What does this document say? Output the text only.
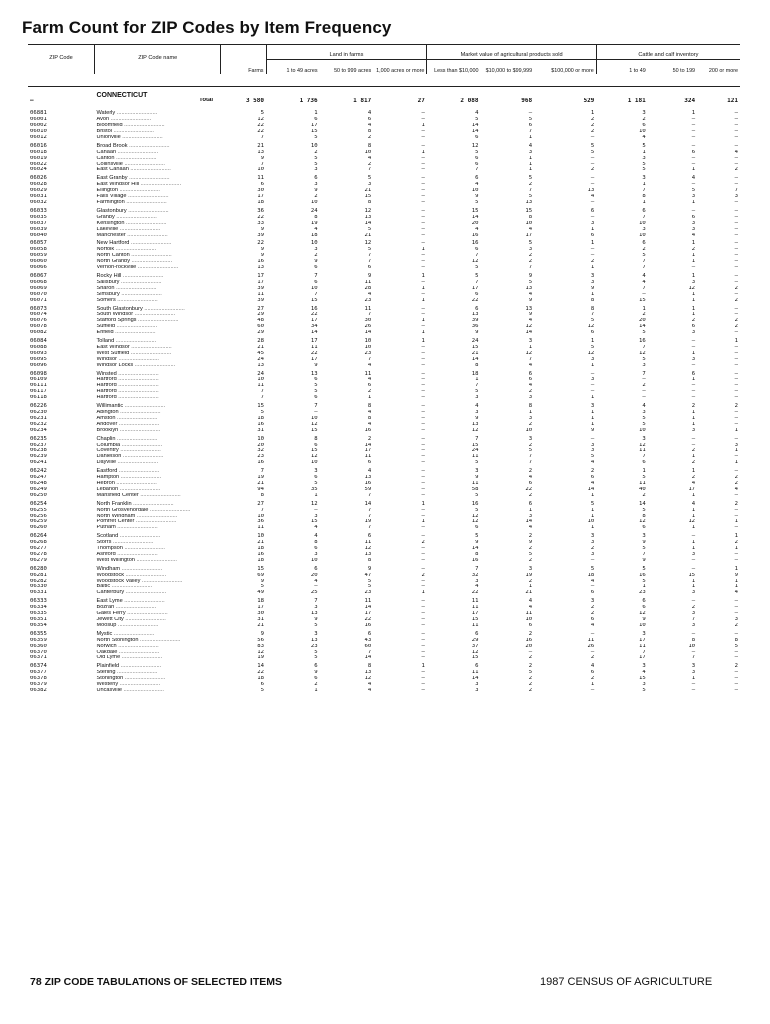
Farm Count for ZIP Codes by Item Frequency
ZIP Code	ZIP Code name		Land in farms			Market value of agricultural products sold			Cattle and calf inventory		
		Farms	1 to 49 acres	50 to 999 acres	1,000 acres or more	Less than $10,000	$10,000 to $99,999	$100,000 or more	1 to 49	50 to 199	200 or more

	CONNECTICUT										
—	Total	3 580	1 736	1 817	27	2 088	968	529	1 181	324	121
06881	Waterly ..........................	5	1	4	–	4	–	1	3	1	–
06001	Avon ..........................	12	6	6	–	5	5	2	2	–	–
06002	Bloomfield ..........................	22	17	4	1	14	6	2	6	–	–
06010	Bristol ..........................	22	15	8	–	14	7	2	10	–	–
06012	Unionville ..........................	7	5	2	–	6	1	–	4	–	–
06016	Broad Brook ..........................	21	10	8	–	12	4	5	5	–	–
06018	Canaan ..........................	13	2	10	1	5	3	5	1	6	4
06019	Canton ..........................	9	5	4	–	6	1	–	3	–	–
06022	Collinsville ..........................	7	5	2	–	6	1	–	5	–	–
06024	East Canaan ..........................	10	3	7	–	7	1	2	5	1	2
06026	East Granby ..........................	11	6	5	–	6	5	–	3	4	–
06028	East Windsor Hill ..........................	6	3	3	–	4	2	–	1	–	–
06029	Ellington ..........................	30	9	21	–	10	7	13	7	5	7
06031	Falls Village ..........................	17	2	15	–	9	5	4	8	3	3
06032	Farmington ..........................	18	10	8	–	5	13	–	1	1	–
06033	Glastonbury ..........................	36	24	12	–	15	15	6	6	–	–
06035	Granby ..........................	22	8	13	–	14	8	–	7	6	–
06037	Kensington ..........................	33	19	14	–	20	10	3	10	3	–
06039	Lakeville ..........................	9	4	5	–	4	4	1	3	3	–
06040	Manchester ..........................	39	18	21	–	16	17	6	10	4	–
06057	New Hartford ..........................	22	10	12	–	16	5	1	6	1	–
06058	Norfolk ..........................	9	3	5	1	6	3	–	2	2	–
06059	North Canton ..........................	9	2	7	–	7	2	–	5	1	–
06060	North Granby ..........................	16	9	7	–	12	2	2	7	1	–
06066	Vernon-rockville ..........................	13	6	6	–	5	7	1	7	–	–
06067	Rocky Hill ..........................	17	7	9	1	5	9	3	4	1	–
06068	Salisbury ..........................	17	6	11	–	7	5	3	4	3	–
06069	Sharon ..........................	39	10	28	1	17	13	9	7	12	2
06070	Simsbury ..........................	11	7	4	–	6	4	1	–	1	–
06071	Somers ..........................	39	15	23	1	22	9	8	15	1	2
06073	South Glastonbury ..........................	27	16	11	–	6	13	8	1	1	–
06074	South Windsor ..........................	29	22	7	–	13	9	7	2	1	–
06076	Stafford Springs ..........................	48	17	30	1	39	4	5	20	2	2
06078	Suffield ..........................	60	34	26	–	36	12	12	14	6	2
06082	Enfield ..........................	29	14	14	1	9	14	6	5	3	–
06084	Tolland ..........................	28	17	10	1	24	3	1	16	–	1
06088	East Windsor ..........................	21	11	10	–	15	1	5	7	–	–
06093	West Suffield ..........................	45	22	23	–	21	12	12	12	1	–
06095	Windsor ..........................	24	17	7	–	14	7	3	5	3	–
06096	Windsor Locks ..........................	13	9	4	–	8	4	1	3	–	–
06098	Winsted ..........................	24	13	11	–	18	6	–	7	6	–
06109	Hartford ..........................	10	6	4	–	1	6	3	–	1	–
06111	Hartford ..........................	11	5	6	–	7	4	–	2	–	–
06117	Hartford ..........................	7	5	2	–	5	2	–	–	–	–
06118	Hartford ..........................	7	6	1	–	3	3	1	–	–	–
06226	Willimantic ..........................	15	7	8	–	4	8	3	4	2	2
06230	Abington ..........................	5	–	4	–	3	1	1	3	1	–
06231	Amston ..........................	18	10	8	–	9	3	1	5	1	–
06232	Andover ..........................	16	12	4	–	13	2	1	5	1	–
06234	Brooklyn ..........................	31	15	16	–	12	10	9	10	3	1
06235	Chaplin ..........................	10	8	2	–	7	3	–	3	–	–
06237	Columbia ..........................	20	6	14	–	15	2	3	12	–	3
06238	Coventry ..........................	32	15	17	–	24	5	3	11	2	1
06239	Danielson ..........................	23	12	11	–	11	7	5	7	1	–
06241	Dayville ..........................	16	10	6	–	5	7	4	6	2	1
06242	Eastford ..........................	7	3	4	–	3	2	2	1	1	–
06247	Hampton ..........................	19	6	13	–	9	4	6	5	2	2
06248	Hebron ..........................	21	5	16	–	11	6	4	11	4	2
06249	Lebanon ..........................	94	35	59	–	58	22	14	40	17	4
06250	Mansfield Center ..........................	8	1	7	–	5	2	1	2	1	–
06254	North Franklin ..........................	27	12	14	1	16	6	5	14	4	2
06255	North Grosvenordale ..........................	7	–	7	–	5	1	1	5	1	–
06256	North Windham ..........................	10	3	7	–	12	3	1	8	1	–
06259	Pomfret Center ..........................	36	15	19	1	12	14	10	12	12	1
06260	Putnam ..........................	11	4	7	–	6	4	1	6	1	–
06264	Scotland ..........................	10	4	6	–	5	2	3	3	–	1
06268	Storrs ..........................	21	8	11	2	9	9	3	9	1	2
06277	Thompson ..........................	18	6	12	–	14	2	2	5	1	1
06278	Ashford ..........................	16	3	13	–	8	5	3	7	3	–
06279	West Willington ..........................	18	10	8	–	16	2	–	9	–	–
06280	Windham ..........................	15	6	9	–	7	3	5	5	–	1
06281	Woodstock ..........................	69	20	47	2	32	19	18	16	15	9
06282	Woodstock Valley ..........................	9	4	5	–	3	2	4	5	1	1
06330	Baltic ..........................	5	–	5	–	4	1	–	1	1	1
06331	Canterbury ..........................	49	25	23	1	22	21	6	23	3	4
06333	East Lyme ..........................	18	7	11	–	11	4	3	6	–	–
06334	Bozrah ..........................	17	3	14	–	11	4	2	6	2	–
06335	Gales Ferry ..........................	30	13	17	–	17	11	2	12	3	–
06351	Jewett City ..........................	31	9	22	–	15	10	6	9	7	3
06354	Moosup ..........................	21	5	16	–	11	6	4	10	3	2
06355	Mystic ..........................	9	3	6	–	6	2	–	3	–	–
06359	North Stonington ..........................	56	13	43	–	29	16	11	17	8	8
06360	Norwich ..........................	83	23	60	–	37	20	26	11	10	5
06370	Oakdale ..........................	12	5	7	–	12	–	–	7	–	–
06371	Old Lyme ..........................	19	5	14	–	15	2	2	17	7	–
06374	Plainfield ..........................	14	6	8	1	6	2	4	3	3	2
06377	Sterling ..........................	22	9	13	–	11	5	6	4	3	–
06378	Stonington ..........................	18	6	12	–	14	2	2	15	1	–
06379	Westerly ..........................	6	2	4	–	3	2	1	3	–	–
06382	Uncasville ..........................	5	1	4	–	3	2	–	5	–	–
78 ZIP CODE TABULATIONS OF SELECTED ITEMS	1987 CENSUS OF AGRICULTURE
